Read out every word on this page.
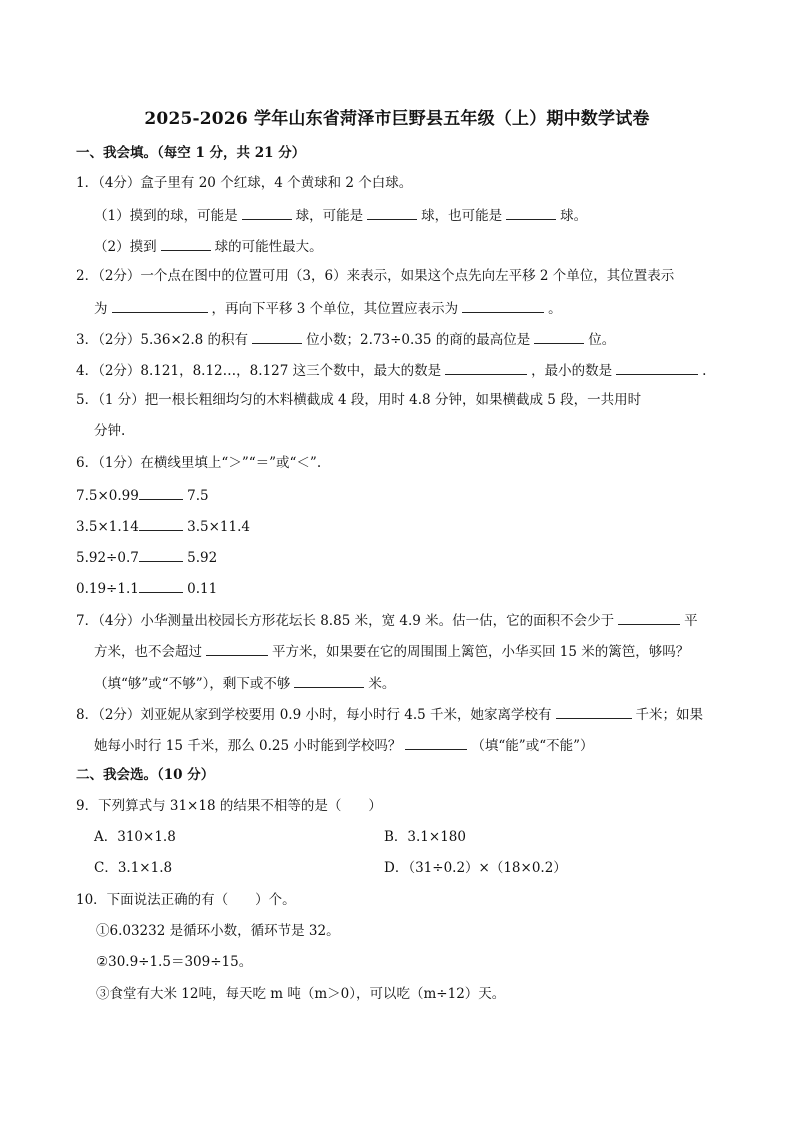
2025-2026 学年山东省菏泽市巨野县五年级（上）期中数学试卷
一、我会填。（每空 1 分，共 21 分）
1．（4分）盒子里有 20 个红球，4 个黄球和 2 个白球。
（1）摸到的球，可能是	球，可能是	球，也可能是	球。
（2）摸到	球的可能性最大。
2．（2分）一个点在图中的位置可用（3，6）来表示，如果这个点先向左平移 2 个单位，其位置表示
为	，再向下平移 3 个单位，其位置应表示为	。
3．（2分）5.36×2.8 的积有	位小数；2.73÷0.35 的商的最高位是	位。
4．（2分）8.121，8.12…，8.127 这三个数中，最大的数是	，最小的数是	.
5．（1 分）把一根长粗细均匀的木料横截成 4 段，用时 4.8 分钟，如果横截成 5 段，一共用时
分钟.
6．（1分）在横线里填上“＞”“＝”或“＜”.
7.5×0.99	7.5
3.5×1.14	3.5×11.4
5.92÷0.7	5.92
0.19÷1.1	0.11
7．（4分）小华测量出校园长方形花坛长 8.85 米，宽 4.9 米。估一估，它的面积不会少于	平
方米，也不会超过	平方米，如果要在它的周围围上篱笆，小华买回 15 米的篱笆，够吗？
（填“够”或“不够”），剩下或不够	米。
8．（2分）刘亚妮从家到学校要用 0.9 小时，每小时行 4.5 千米，她家离学校有	千米；如果
她每小时行 15 千米，那么 0.25 小时能到学校吗？	（填“能”或“不能”）
二、我会选。（10 分）
9．下列算式与 31×18 的结果不相等的是（　　）
A．310×1.8	B．3.1×180
C．3.1×1.8	D．（31÷0.2）×（18×0.2）
10．下面说法正确的有（　　）个。
①6.03232 是循环小数，循环节是 32。
②30.9÷1.5＝309÷15。
③食堂有大米 12吨，每天吃 m 吨（m＞0），可以吃（m÷12）天。
